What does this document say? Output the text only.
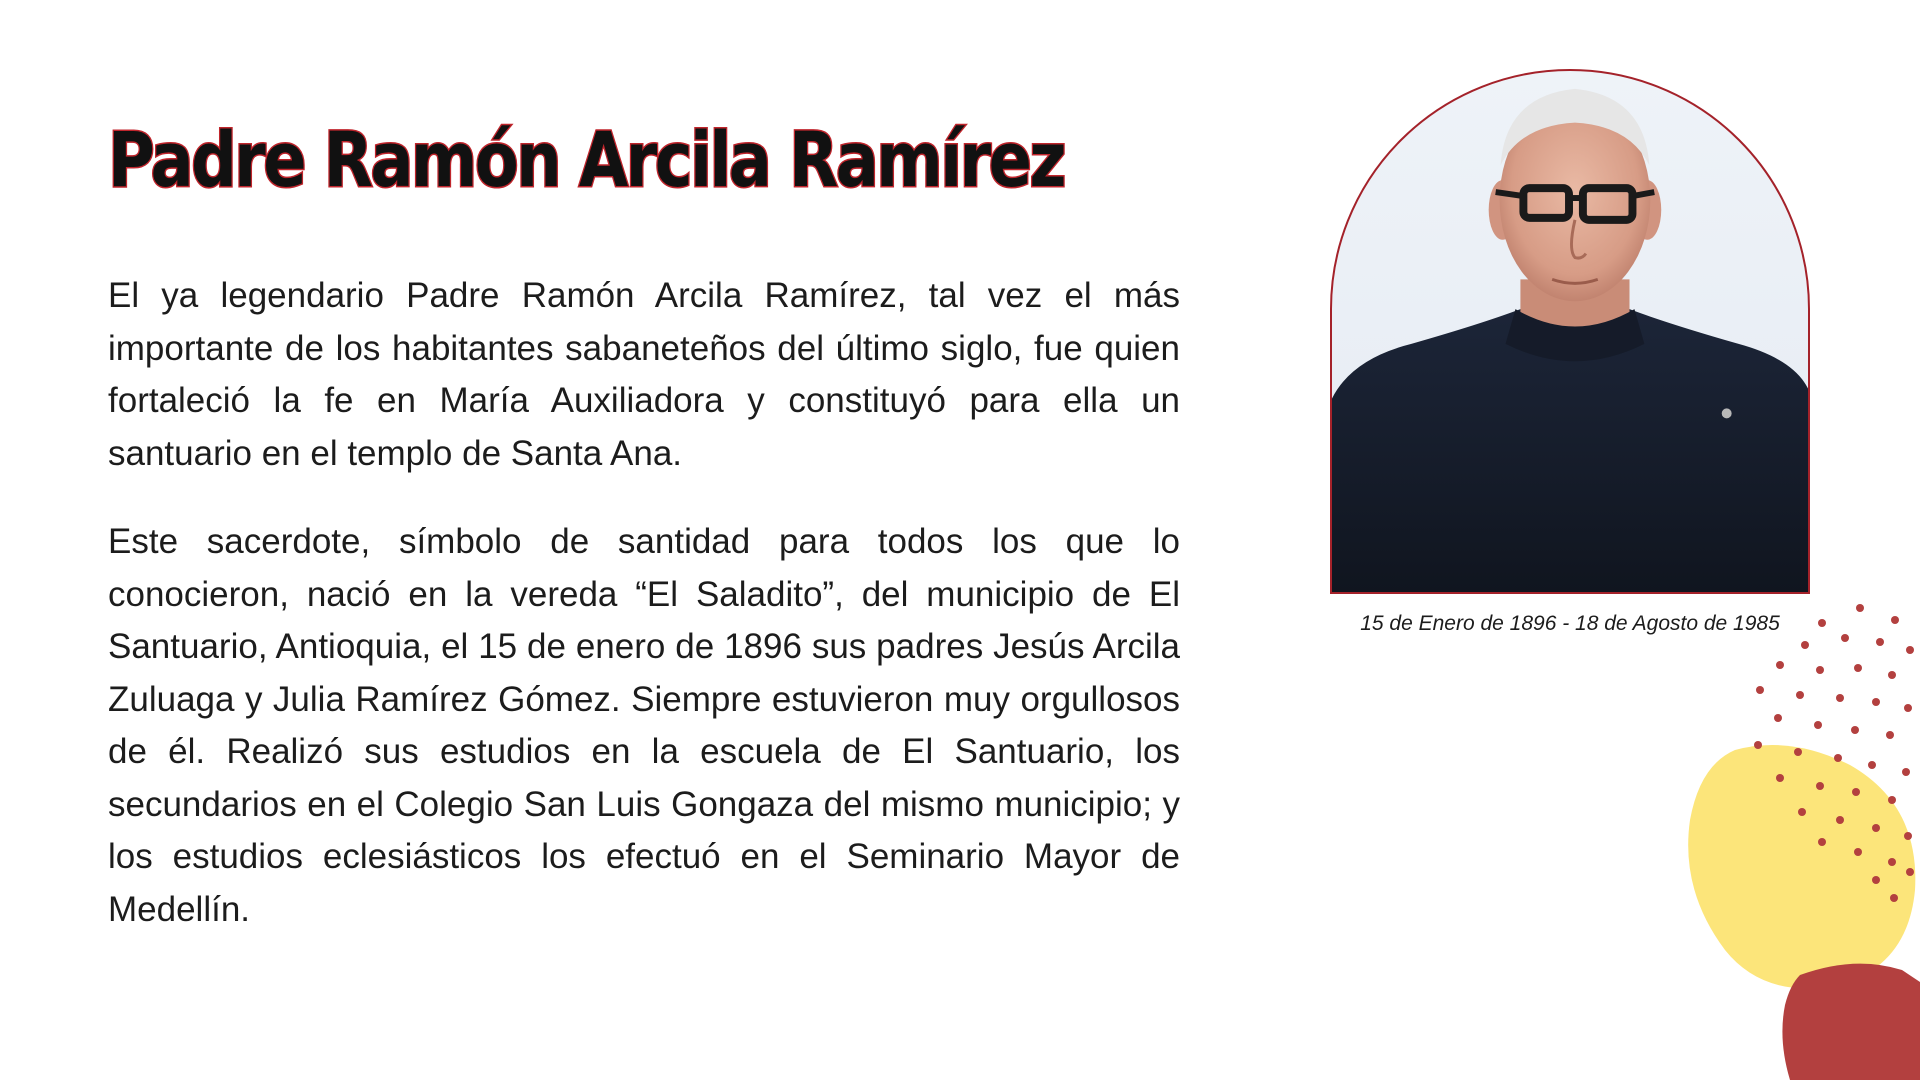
Padre Ramón Arcila Ramírez

El ya legendario Padre Ramón Arcila Ramírez, tal vez el más importante de los habitantes sabaneteños del último siglo, fue quien fortaleció la fe en María Auxiliadora y constituyó para ella un santuario en el templo de Santa Ana.

Este sacerdote, símbolo de santidad para todos los que lo conocieron, nació en la vereda “El Saladito”, del municipio de El Santuario, Antioquia, el 15 de enero de 1896 sus padres Jesús Arcila Zuluaga y Julia Ramírez Gómez. Siempre estuvieron muy orgullosos de él. Realizó sus estudios en la escuela de El Santuario, los secundarios en el Colegio San Luis Gongaza del mismo municipio; y los estudios eclesiásticos los efectuó en el Seminario Mayor de Medellín.

15 de Enero de 1896 - 18 de Agosto de 1985
